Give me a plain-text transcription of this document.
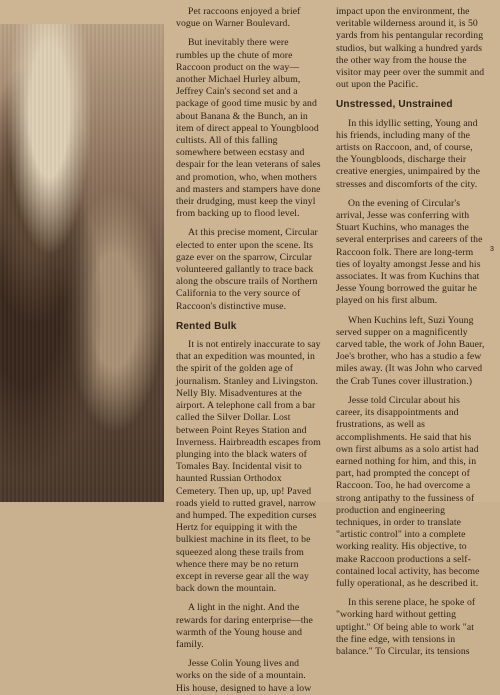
Pet raccoons enjoyed a brief vogue on Warner Boulevard.

But inevitably there were rumbles up the chute of more Raccoon product on the way—another Michael Hurley album, Jeffrey Cain's second set and a package of good time music by and about Banana & the Bunch, an in item of direct appeal to Youngblood cultists. All of this falling somewhere between ecstasy and despair for the lean veterans of sales and promotion, who, when mothers and masters and stampers have done their drudging, must keep the vinyl from backing up to flood level.

At this precise moment, Circular elected to enter upon the scene. Its gaze ever on the sparrow, Circular volunteered gallantly to trace back along the obscure trails of Northern California to the very source of Raccoon's distinctive muse.

Rented Bulk

It is not entirely inaccurate to say that an expedition was mounted, in the spirit of the golden age of journalism. Stanley and Livingston. Nelly Bly. Misadventures at the airport. A telephone call from a bar called the Silver Dollar. Lost between Point Reyes Station and Inverness. Hairbreadth escapes from plunging into the black waters of Tomales Bay. Incidental visit to haunted Russian Orthodox Cemetery. Then up, up, up! Paved roads yield to rutted gravel, narrow and humped. The expedition curses Hertz for equipping it with the bulkiest machine in its fleet, to be squeezed along these trails from whence there may be no return except in reverse gear all the way back down the mountain.

A light in the night. And the rewards for daring enterprise—the warmth of the Young house and family.

Jesse Colin Young lives and works on the side of a mountain. His house, designed to have a low

impact upon the environment, the veritable wilderness around it, is 50 yards from his pentangular recording studios, but walking a hundred yards the other way from the house the visitor may peer over the summit and out upon the Pacific.

Unstressed, Unstrained

In this idyllic setting, Young and his friends, including many of the artists on Raccoon, and, of course, the Youngbloods, discharge their creative energies, unimpaired by the stresses and discomforts of the city.

On the evening of Circular's arrival, Jesse was conferring with Stuart Kuchins, who manages the several enterprises and careers of the Raccoon folk. There are long-term ties of loyalty amongst Jesse and his associates. It was from Kuchins that Jesse Young borrowed the guitar he played on his first album.

When Kuchins left, Suzi Young served supper on a magnificently carved table, the work of John Bauer, Joe's brother, who has a studio a few miles away. (It was John who carved the Crab Tunes cover illustration.)

Jesse told Circular about his career, its disappointments and frustrations, as well as accomplishments. He said that his own first albums as a solo artist had earned nothing for him, and this, in part, had prompted the concept of Raccoon. Too, he had overcome a strong antipathy to the fussiness of production and engineering techniques, in order to translate "artistic control" into a complete working reality. His objective, to make Raccoon productions a self-contained local activity, has become fully operational, as he described it.

In this serene place, he spoke of "working hard without getting uptight." Of being able to work "at the fine edge, with tensions in balance." To Circular, its tensions

3
